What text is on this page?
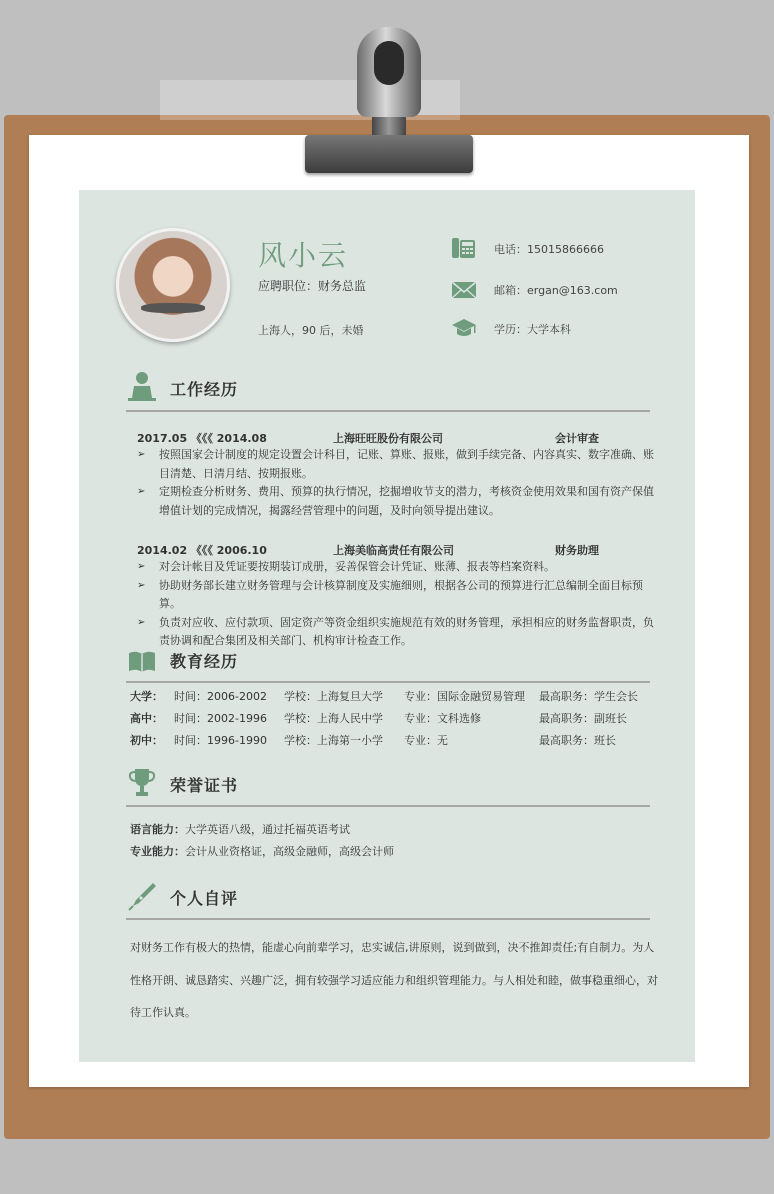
风小云
应聘职位：财务总监
上海人，90 后，未婚
电话：15015866666
邮箱：ergan@163.com
学历：大学本科
工作经历
2017.05 《《《 2014.08	上海旺旺股份有限公司	会计审查
➢ 按照国家会计制度的规定设置会计科目，记账、算账、报账，做到手续完备、内容真实、数字准确、账目清楚、日清月结、按期报账。
➢ 定期检查分析财务、费用、预算的执行情况，挖掘增收节支的潜力，考核资金使用效果和国有资产保值增值计划的完成情况，揭露经营管理中的问题，及时向领导提出建议。
2014.02 《《《 2006.10	上海美临高责任有限公司	财务助理
➢ 对会计帐目及凭证要按期装订成册，妥善保管会计凭证、账薄、报表等档案资料。
➢ 协助财务部长建立财务管理与会计核算制度及实施细则，根据各公司的预算进行汇总编制全面目标预算。
➢ 负责对应收、应付款项、固定资产等资金组织实施规范有效的财务管理，承担相应的财务监督职责，负责协调和配合集团及相关部门、机构审计检查工作。
教育经历
大学： 时间：2006-2002 学校：上海复旦大学 专业：国际金融贸易管理 最高职务：学生会长
高中： 时间：2002-1996 学校：上海人民中学 专业：文科选修	最高职务：副班长
初中： 时间：1996-1990 学校：上海第一小学 专业：无	最高职务：班长
荣誉证书
语言能力：大学英语八级，通过托福英语考试
专业能力：会计从业资格证，高级金融师，高级会计师
个人自评

对财务工作有极大的热情，能虚心向前辈学习，忠实诚信,讲原则，说到做到，决不推卸责任;有自制力。为人性格开朗、诚恳踏实、兴趣广泛，拥有较强学习适应能力和组织管理能力。与人相处和睦，做事稳重细心，对待工作认真。
